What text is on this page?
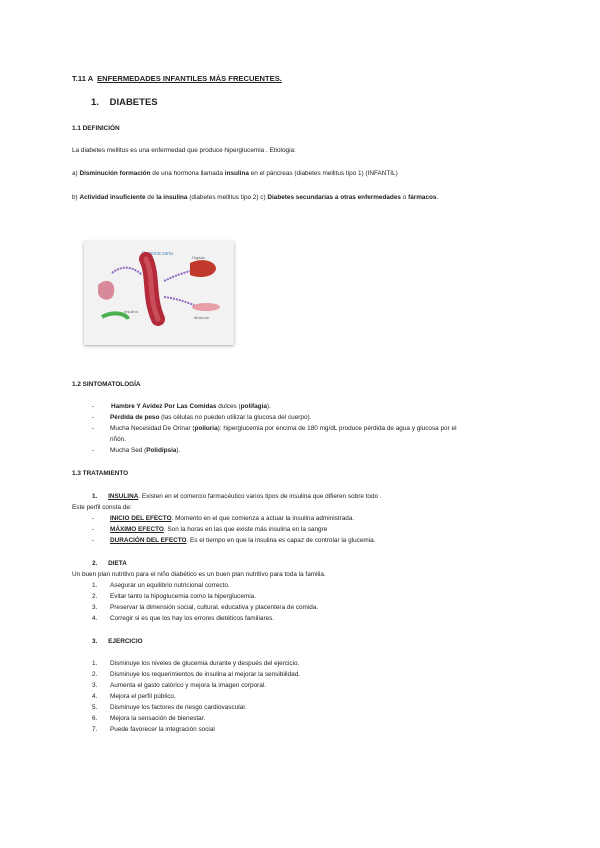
T.11 A ENFERMEDADES INFANTILES MÁS FRECUENTES.
1. DIABETES
1.1 DEFINICIÓN
La diabetes mellitus es una enfermedad que produce hiperglucemia . Etiologia:
a) Disminución formación de una hormona llamada insulina en el páncreas (diabetes mellitus tipo 1) (INFANTIL)
b) Actividad insuficiente de la insulina (diabetes mellitus tipo 2) c) Diabetes secundarias a otras enfermedades o fármacos.
Persona sana
Hígado
Músculo
Insulina
1.2 SINTOMATOLOGÍA
-	Hambre Y Avidez Por Las Comidas dulces (polifagia).
- Pérdida de peso (las células no pueden utilizar la glucosa del cuerpo).
- Mucha Necesidad De Orinar (poliuria): hiperglucemia por encima de 180 mg/dL produce pérdida de agua y glucosa por el
riñón.
- Mucha Sed (Polidipsia).
1.3 TRATAMIENTO
1. INSULINA. Existen en el comercio farmacéutico varios tipos de insulina que difieren sobre todo .
Este perfil consta de:
- INICIO DEL EFECTO. Momento en el que comienza a actuar la insulina administrada.
- MÁXIMO EFECTO. Son la horas en las que existe más insulina en la sangre
- DURACIÓN DEL EFECTO. Es el tiempo en que la insulina es capaz de controlar la glucemia.
2. DIETA
Un buen plan nutritivo para el niño diabético es un buen plan nutritivo para toda la familia.
1. Asegurar un equilibrio nutricional correcto.
2. Evitar tanto la hipoglucemia como la hiperglucemia.
3. Preservar la dimensión social, cultural, educativa y placentera de comida.
4. Corregir si es que los hay los errores dietéticos familiares.
3. EJERCICIO
1. Disminuye los niveles de glucemia durante y después del ejercicio.
2. Disminuye los requerimientos de insulina al mejorar la sensibilidad.
3. Aumenta el gasto calórico y mejora la imagen corporal.
4. Mejora el perfil público.
5. Disminuye los factores de riesgo cardiovascular.
6. Mejora la sensación de bienestar.
7. Puede favorecer la integración social
